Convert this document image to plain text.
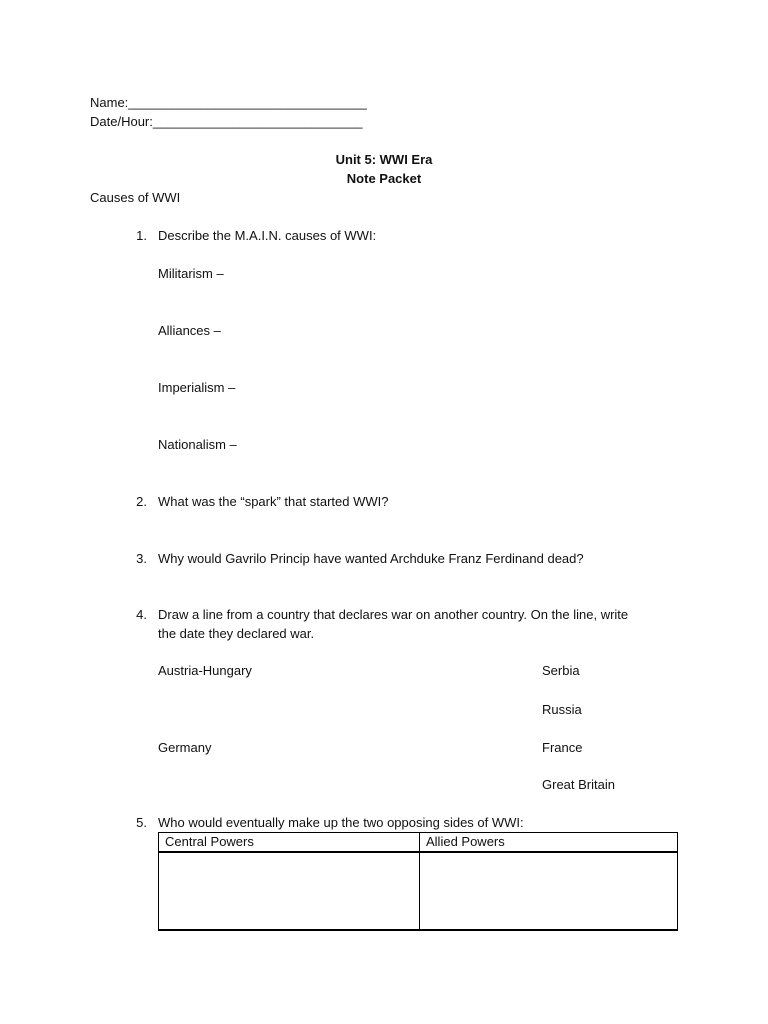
Name:_________________________________
Date/Hour:_____________________________
Unit 5: WWI Era
Note Packet
Causes of WWI
1. Describe the M.A.I.N. causes of WWI:
Militarism –
Alliances –
Imperialism –
Nationalism –
2. What was the “spark” that started WWI?
3. Why would Gavrilo Princip have wanted Archduke Franz Ferdinand dead?
4. Draw a line from a country that declares war on another country. On the line, write
the date they declared war.
Austria-Hungary
Germany
Serbia
Russia
France
Great Britain
5. Who would eventually make up the two opposing sides of WWI:
Central Powers	Allied Powers
